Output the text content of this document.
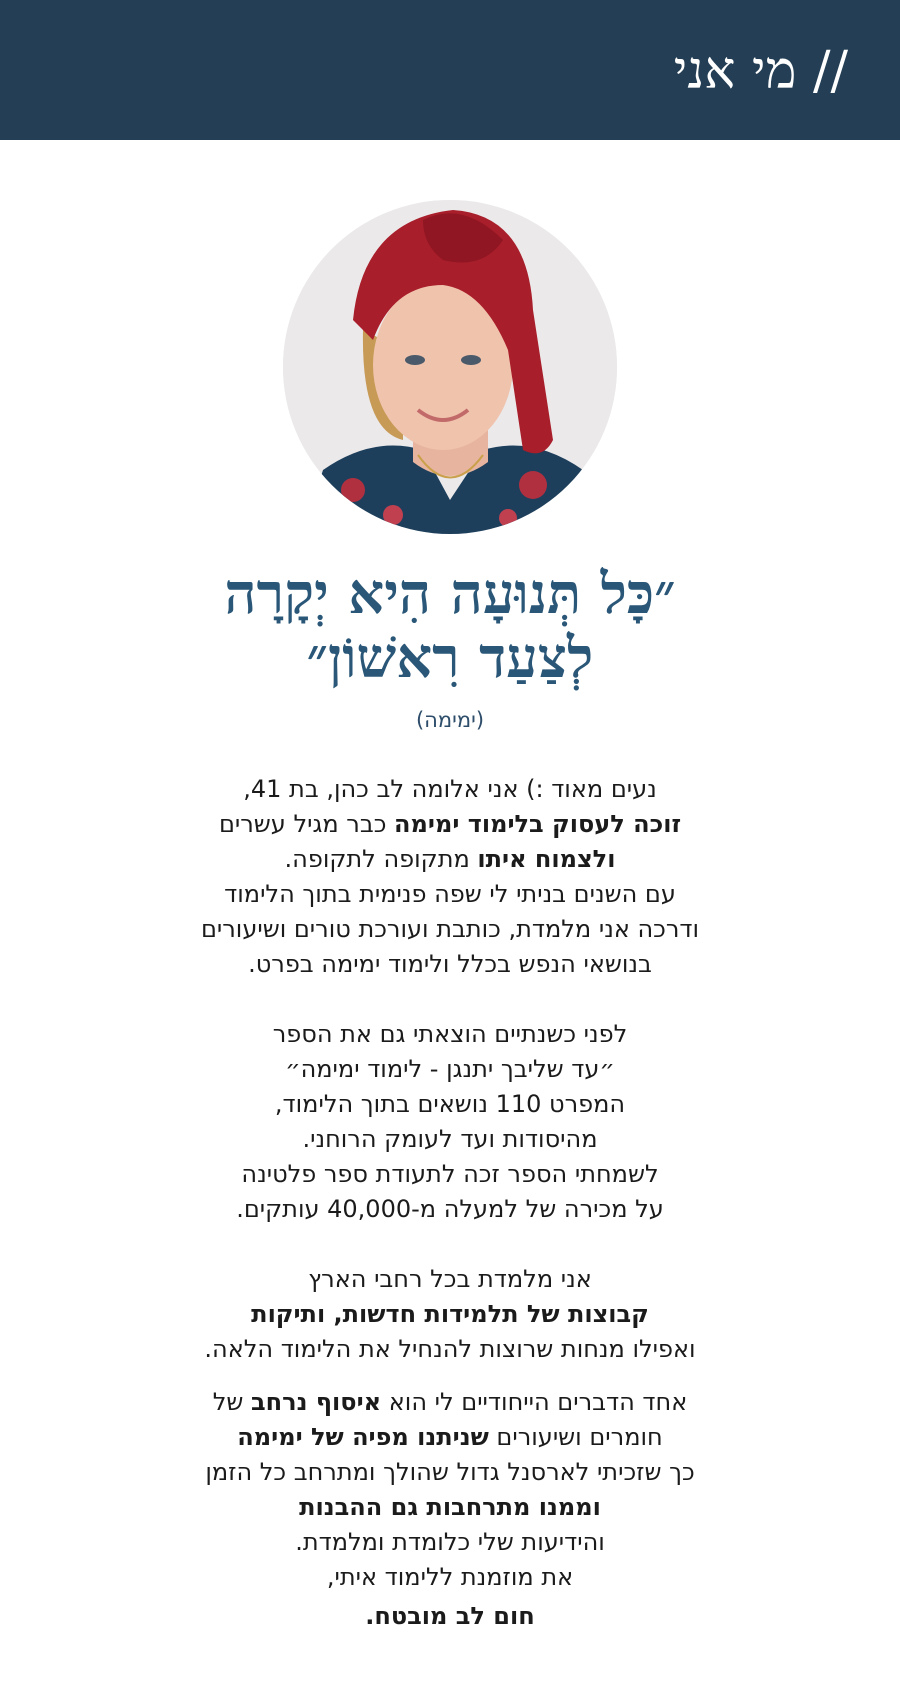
// מי אני
״כָּל תְּנוּעָה הִיא יְקָרָה
לְצַעַד רִאשׁוֹן״
(ימימה)
נעים מאוד :) אני אלומה לב כהן, בת 41,
זוכה לעסוק בלימוד ימימה כבר מגיל עשרים
ולצמוח איתו מתקופה לתקופה.
עם השנים בניתי לי שפה פנימית בתוך הלימוד
ודרכה אני מלמדת, כותבת ועורכת טורים ושיעורים
בנושאי הנפש בכלל ולימוד ימימה בפרט.
לפני כשנתיים הוצאתי גם את הספר
״עד שליבך יתנגן - לימוד ימימה״
המפרט 110 נושאים בתוך הלימוד,
מהיסודות ועד לעומק הרוחני.
לשמחתי הספר זכה לתעודת ספר פלטינה
על מכירה של למעלה מ-40,000 עותקים.
אני מלמדת בכל רחבי הארץ
קבוצות של תלמידות חדשות, ותיקות
ואפילו מנחות שרוצות להנחיל את הלימוד הלאה.
אחד הדברים הייחודיים לי הוא איסוף נרחב של
חומרים ושיעורים שניתנו מפיה של ימימה
כך שזכיתי לארסנל גדול שהולך ומתרחב כל הזמן
וממנו מתרחבות גם ההבנות
והידיעות שלי כלומדת ומלמדת.
את מוזמנת ללימוד איתי,
חום לב מובטח.
